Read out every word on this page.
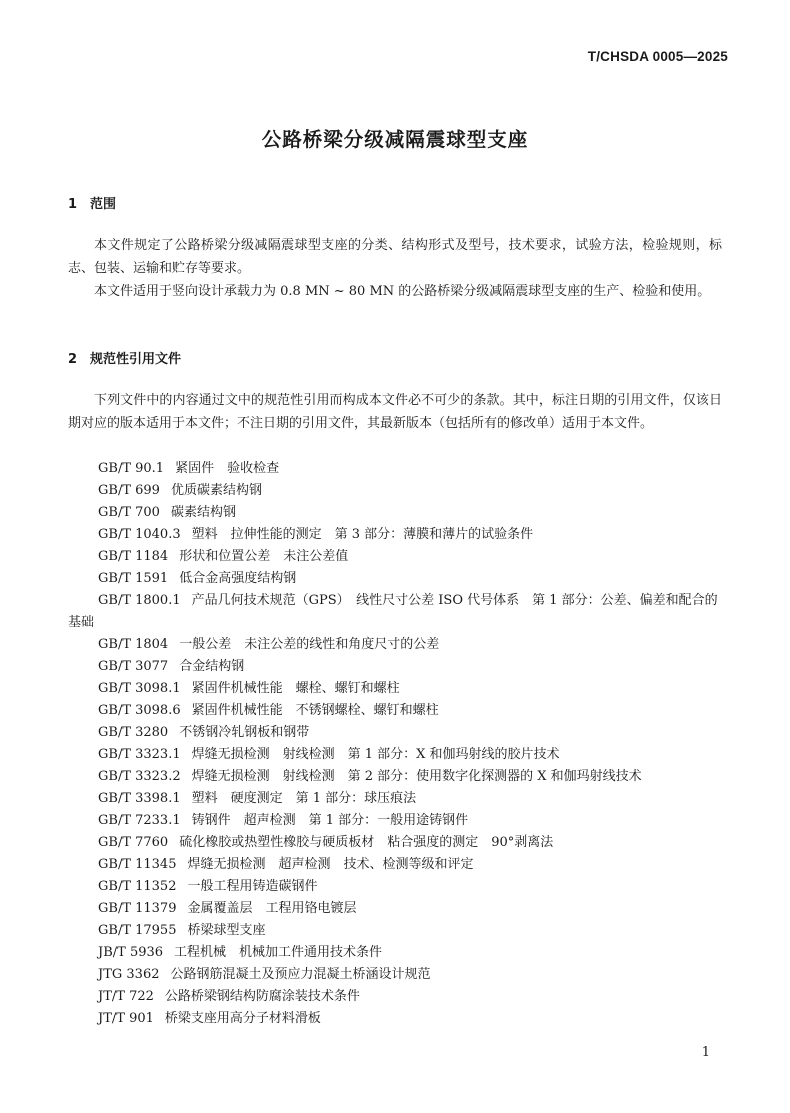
T/CHSDA 0005—2025
公路桥梁分级减隔震球型支座
1 范围

本文件规定了公路桥梁分级减隔震球型支座的分类、结构形式及型号，技术要求，试验方法，检验规则，标志、包装、运输和贮存等要求。

本文件适用于竖向设计承载力为 0.8 MN ~ 80 MN 的公路桥梁分级减隔震球型支座的生产、检验和使用。

2 规范性引用文件

下列文件中的内容通过文中的规范性引用而构成本文件必不可少的条款。其中，标注日期的引用文件，仅该日期对应的版本适用于本文件；不注日期的引用文件，其最新版本（包括所有的修改单）适用于本文件。

GB/T 90.1 紧固件　验收检查
GB/T 699 优质碳素结构钢
GB/T 700 碳素结构钢
GB/T 1040.3 塑料　拉伸性能的测定　第 3 部分：薄膜和薄片的试验条件
GB/T 1184 形状和位置公差　未注公差值
GB/T 1591 低合金高强度结构钢
GB/T 1800.1 产品几何技术规范（GPS）　线性尺寸公差 ISO 代号体系　第 1 部分：公差、偏差和配合的基础
GB/T 1804 一般公差　未注公差的线性和角度尺寸的公差
GB/T 3077 合金结构钢
GB/T 3098.1 紧固件机械性能　螺栓、螺钉和螺柱
GB/T 3098.6 紧固件机械性能　不锈钢螺栓、螺钉和螺柱
GB/T 3280 不锈钢冷轧钢板和钢带
GB/T 3323.1 焊缝无损检测　射线检测　第 1 部分：X 和伽玛射线的胶片技术
GB/T 3323.2 焊缝无损检测　射线检测　第 2 部分：使用数字化探测器的 X 和伽玛射线技术
GB/T 3398.1 塑料　硬度测定　第 1 部分：球压痕法
GB/T 7233.1 铸钢件　超声检测　第 1 部分：一般用途铸钢件
GB/T 7760 硫化橡胶或热塑性橡胶与硬质板材　粘合强度的测定　90°剥离法
GB/T 11345 焊缝无损检测　超声检测　技术、检测等级和评定
GB/T 11352 一般工程用铸造碳钢件
GB/T 11379 金属覆盖层　工程用铬电镀层
GB/T 17955 桥梁球型支座
JB/T 5936 工程机械　机械加工件通用技术条件
JTG 3362 公路钢筋混凝土及预应力混凝土桥涵设计规范
JT/T 722 公路桥梁钢结构防腐涂装技术条件
JT/T 901 桥梁支座用高分子材料滑板
1
